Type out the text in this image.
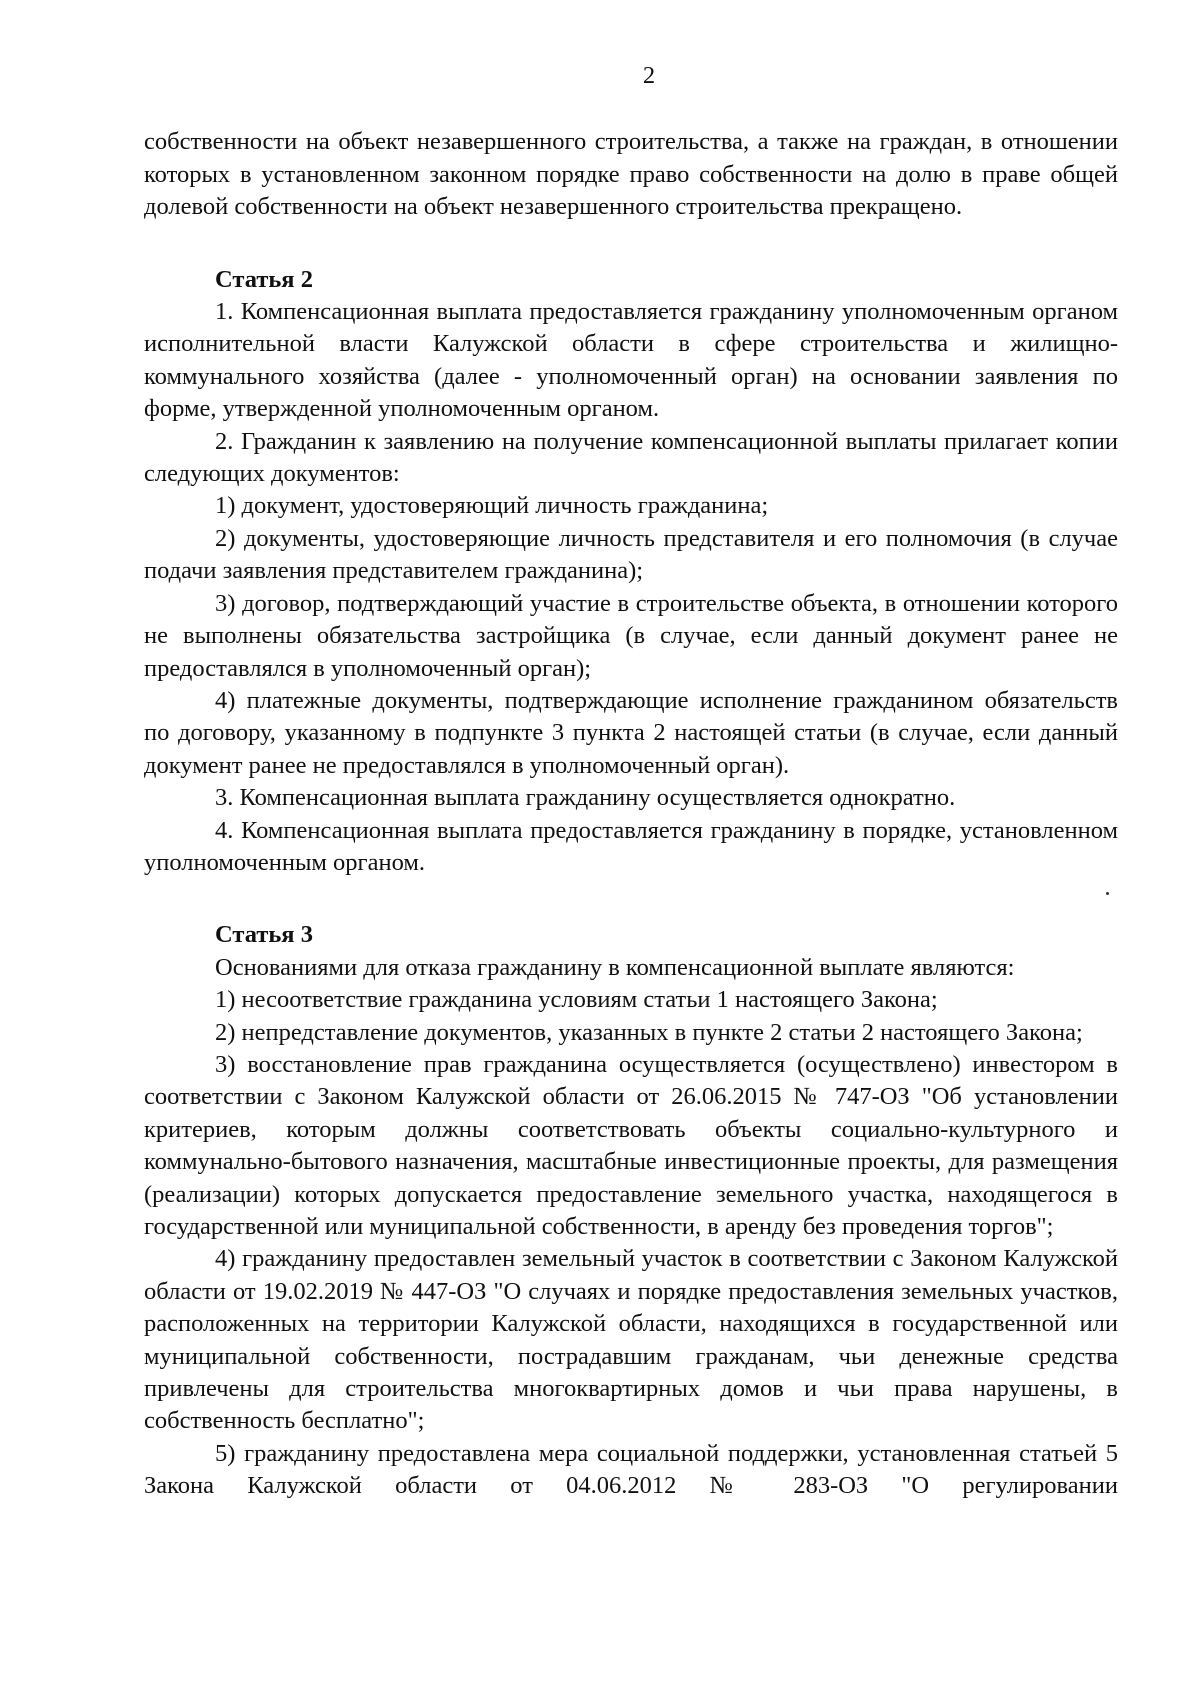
2

собственности на объект незавершенного строительства, а также на граждан, в отношении которых в установленном законном порядке право собственности на долю в праве общей долевой собственности на объект незавершенного строительства прекращено.

Статья 2

1. Компенсационная выплата предоставляется гражданину уполномоченным органом исполнительной власти Калужской области в сфере строительства и жилищно-коммунального хозяйства (далее - уполномоченный орган) на основании заявления по форме, утвержденной уполномоченным органом.

2. Гражданин к заявлению на получение компенсационной выплаты прилагает копии следующих документов:

1) документ, удостоверяющий личность гражданина;

2) документы, удостоверяющие личность представителя и его полномочия (в случае подачи заявления представителем гражданина);

3) договор, подтверждающий участие в строительстве объекта, в отношении которого не выполнены обязательства застройщика (в случае, если данный документ ранее не предоставлялся в уполномоченный орган);

4) платежные документы, подтверждающие исполнение гражданином обязательств по договору, указанному в подпункте 3 пункта 2 настоящей статьи (в случае, если данный документ ранее не предоставлялся в уполномоченный орган).

3. Компенсационная выплата гражданину осуществляется однократно.

4. Компенсационная выплата предоставляется гражданину в порядке, установленном уполномоченным органом.

Статья 3

Основаниями для отказа гражданину в компенсационной выплате являются:

1) несоответствие гражданина условиям статьи 1 настоящего Закона;

2) непредставление документов, указанных в пункте 2 статьи 2 настоящего Закона;

3) восстановление прав гражданина осуществляется (осуществлено) инвестором в соответствии с Законом Калужской области от 26.06.2015 № 747-ОЗ "Об установлении критериев, которым должны соответствовать объекты социально-культурного и коммунально-бытового назначения, масштабные инвестиционные проекты, для размещения (реализации) которых допускается предоставление земельного участка, находящегося в государственной или муниципальной собственности, в аренду без проведения торгов";

4) гражданину предоставлен земельный участок в соответствии с Законом Калужской области от 19.02.2019 № 447-ОЗ "О случаях и порядке предоставления земельных участков, расположенных на территории Калужской области, находящихся в государственной или муниципальной собственности, пострадавшим гражданам, чьи денежные средства привлечены для строительства многоквартирных домов и чьи права нарушены, в собственность бесплатно";

5) гражданину предоставлена мера социальной поддержки, установленная статьей 5 Закона Калужской области от 04.06.2012 № 283-ОЗ "О регулировании
